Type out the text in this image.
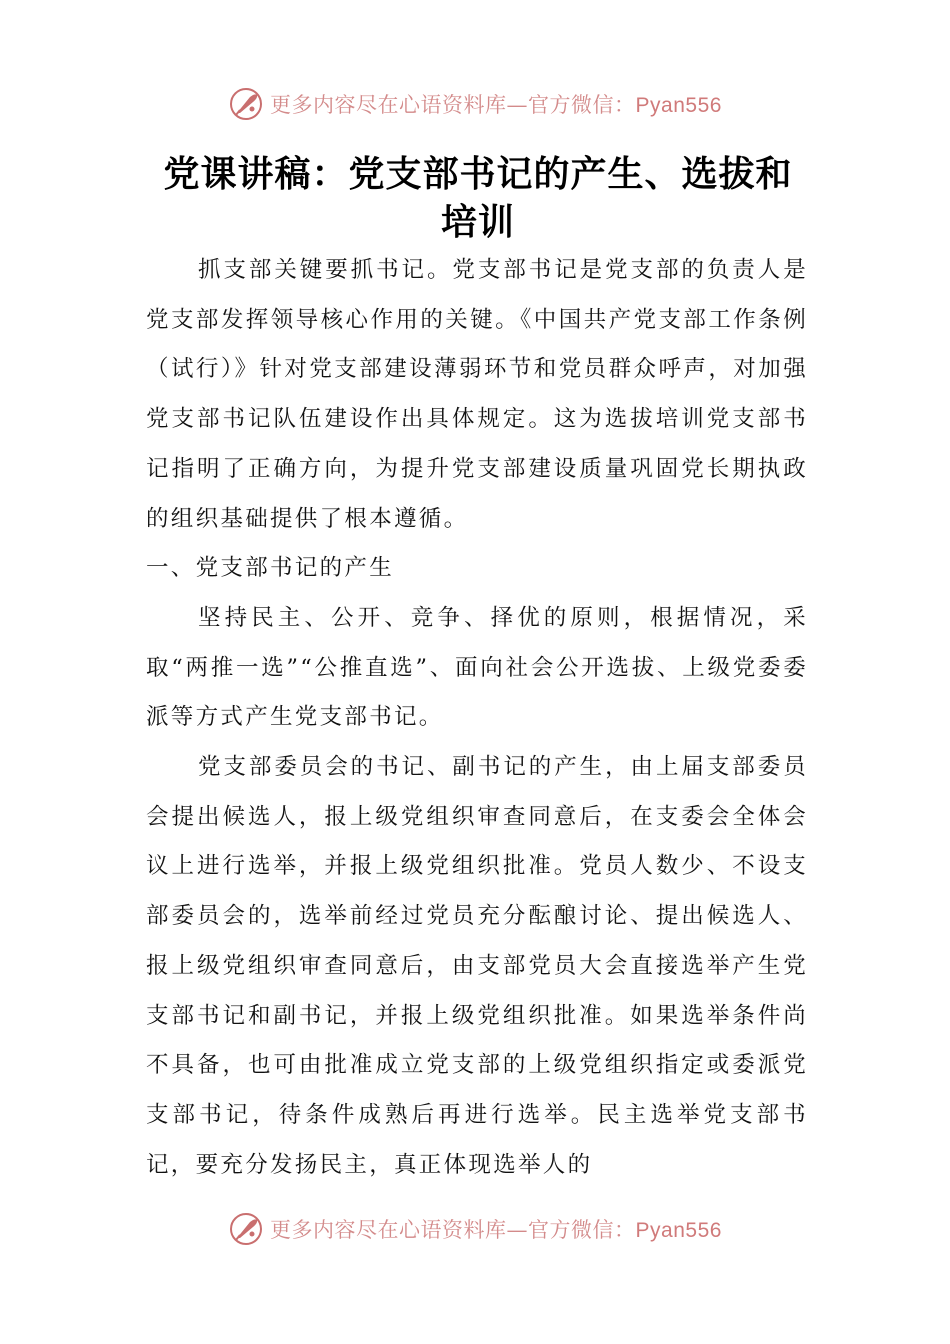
更多内容尽在心语资料库—官方微信：Pyan556
党课讲稿：党支部书记的产生、选拔和培训

抓支部关键要抓书记。党支部书记是党支部的负责人是党支部发挥领导核心作用的关键。《中国共产党支部工作条例（试行）》针对党支部建设薄弱环节和党员群众呼声，对加强党支部书记队伍建设作出具体规定。这为选拔培训党支部书记指明了正确方向，为提升党支部建设质量巩固党长期执政的组织基础提供了根本遵循。

一、党支部书记的产生

坚持民主、公开、竞争、择优的原则，根据情况，采取“两推一选”“公推直选”、面向社会公开选拔、上级党委委派等方式产生党支部书记。

党支部委员会的书记、副书记的产生，由上届支部委员会提出候选人，报上级党组织审查同意后，在支委会全体会议上进行选举，并报上级党组织批准。党员人数少、不设支部委员会的，选举前经过党员充分酝酿讨论、提出候选人、报上级党组织审查同意后，由支部党员大会直接选举产生党支部书记和副书记，并报上级党组织批准。如果选举条件尚不具备，也可由批准成立党支部的上级党组织指定或委派党支部书记，待条件成熟后再进行选举。民主选举党支部书记，要充分发扬民主，真正体现选举人的

更多内容尽在心语资料库—官方微信：Pyan556
